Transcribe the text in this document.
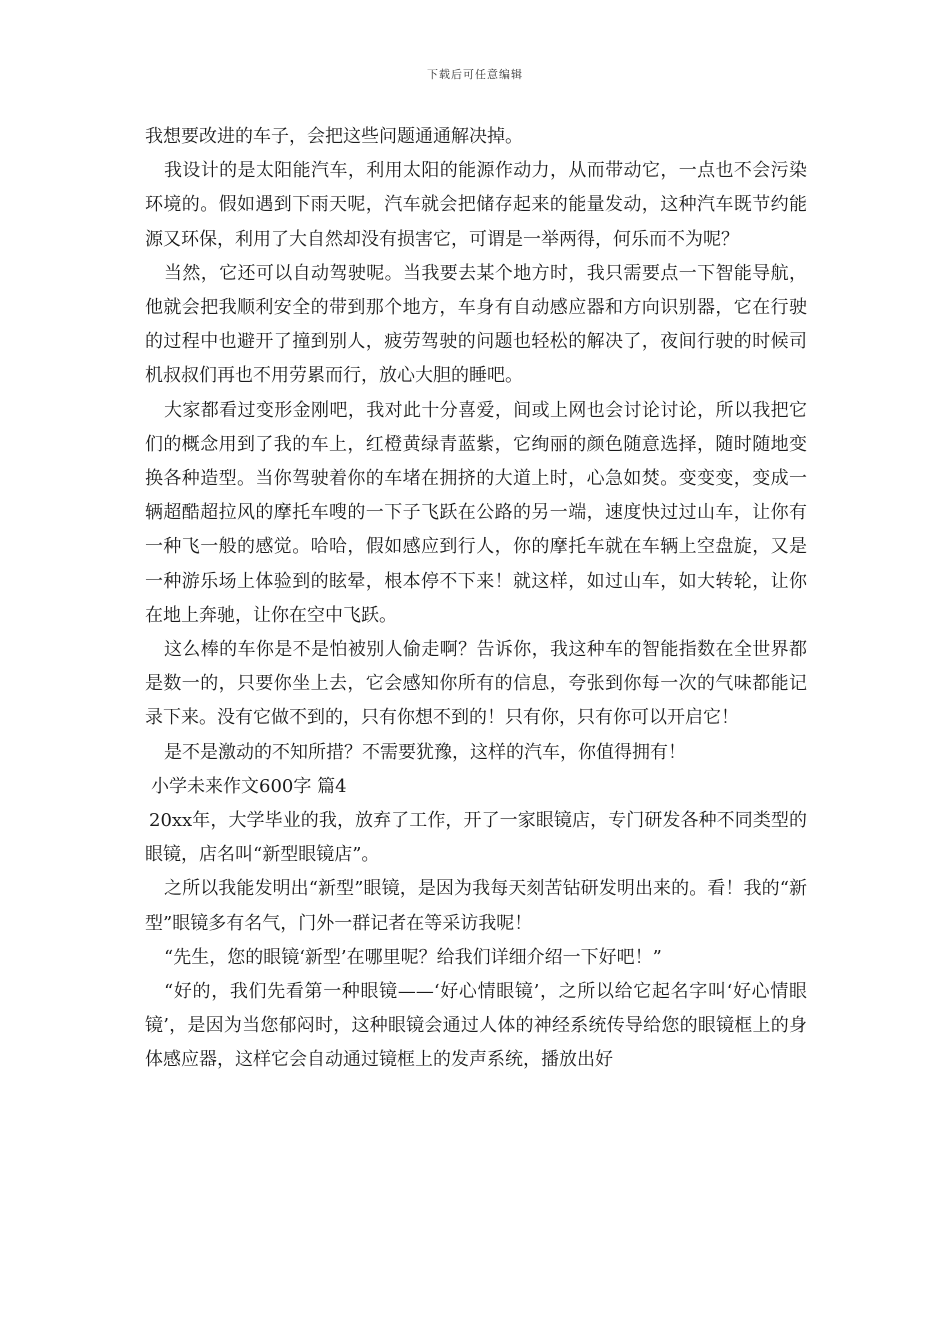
下载后可任意编辑

我想要改进的车子，会把这些问题通通解决掉。

我设计的是太阳能汽车，利用太阳的能源作动力，从而带动它，一点也不会污染环境的。假如遇到下雨天呢，汽车就会把储存起来的能量发动，这种汽车既节约能源又环保，利用了大自然却没有损害它，可谓是一举两得，何乐而不为呢？

当然，它还可以自动驾驶呢。当我要去某个地方时，我只需要点一下智能导航，他就会把我顺利安全的带到那个地方，车身有自动感应器和方向识别器，它在行驶的过程中也避开了撞到别人，疲劳驾驶的问题也轻松的解决了，夜间行驶的时候司机叔叔们再也不用劳累而行，放心大胆的睡吧。

大家都看过变形金刚吧，我对此十分喜爱，间或上网也会讨论讨论，所以我把它们的概念用到了我的车上，红橙黄绿青蓝紫，它绚丽的颜色随意选择，随时随地变换各种造型。当你驾驶着你的车堵在拥挤的大道上时，心急如焚。变变变，变成一辆超酷超拉风的摩托车嗖的一下子飞跃在公路的另一端，速度快过过山车，让你有一种飞一般的感觉。哈哈，假如感应到行人，你的摩托车就在车辆上空盘旋，又是一种游乐场上体验到的眩晕，根本停不下来！就这样，如过山车，如大转轮，让你在地上奔驰，让你在空中飞跃。

这么棒的车你是不是怕被别人偷走啊？告诉你，我这种车的智能指数在全世界都是数一的，只要你坐上去，它会感知你所有的信息，夸张到你每一次的气味都能记录下来。没有它做不到的，只有你想不到的！只有你，只有你可以开启它！

是不是激动的不知所措？不需要犹豫，这样的汽车，你值得拥有！

小学未来作文600字 篇4

20xx年，大学毕业的我，放弃了工作，开了一家眼镜店，专门研发各种不同类型的眼镜，店名叫“新型眼镜店”。

之所以我能发明出“新型”眼镜，是因为我每天刻苦钻研发明出来的。看！我的“新型”眼镜多有名气，门外一群记者在等采访我呢！

“先生，您的眼镜‘新型’在哪里呢？给我们详细介绍一下好吧！”

“好的，我们先看第一种眼镜——‘好心情眼镜’，之所以给它起名字叫‘好心情眼镜’，是因为当您郁闷时，这种眼镜会通过人体的神经系统传导给您的眼镜框上的身体感应器，这样它会自动通过镜框上的发声系统，播放出好
